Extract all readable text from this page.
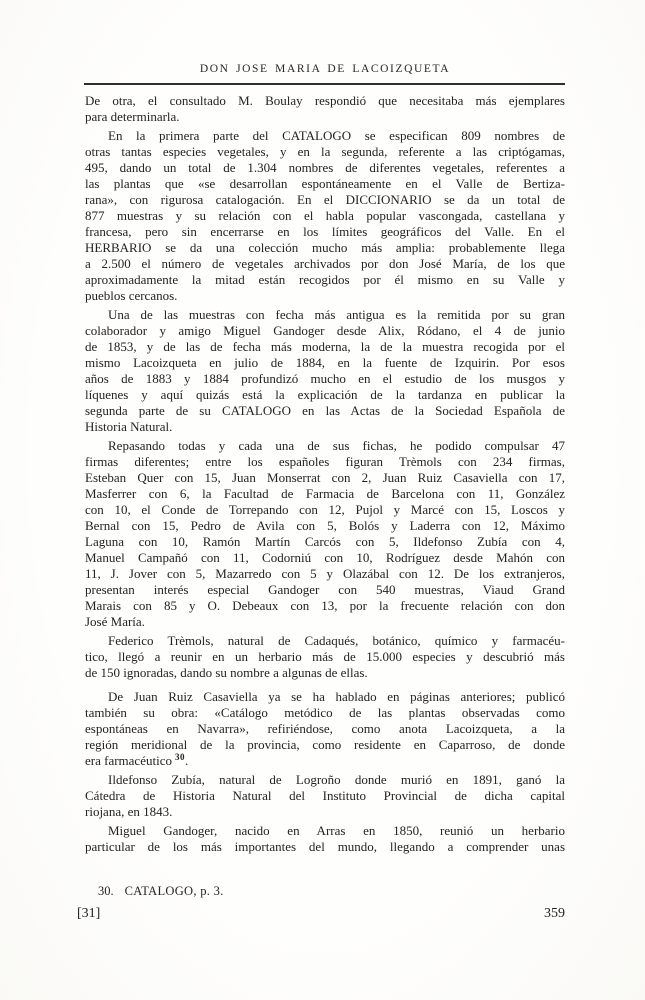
DON JOSE MARIA DE LACOIZQUETA
De otra, el consultado M. Boulay respondió que necesitaba más ejemplares
para determinarla.
En la primera parte del CATALOGO se especifican 809 nombres de
otras tantas especies vegetales, y en la segunda, referente a las criptógamas,
495, dando un total de 1.304 nombres de diferentes vegetales, referentes a
las plantas que «se desarrollan espontáneamente en el Valle de Bertiza-
rana», con rigurosa catalogación. En el DICCIONARIO se da un total de
877 muestras y su relación con el habla popular vascongada, castellana y
francesa, pero sin encerrarse en los límites geográficos del Valle. En el
HERBARIO se da una colección mucho más amplia: probablemente llega
a 2.500 el número de vegetales archivados por don José María, de los que
aproximadamente la mitad están recogidos por él mismo en su Valle y
pueblos cercanos.
Una de las muestras con fecha más antigua es la remitida por su gran
colaborador y amigo Miguel Gandoger desde Alix, Ródano, el 4 de junio
de 1853, y de las de fecha más moderna, la de la muestra recogida por el
mismo Lacoizqueta en julio de 1884, en la fuente de Izquirin. Por esos
años de 1883 y 1884 profundizó mucho en el estudio de los musgos y
líquenes y aquí quizás está la explicación de la tardanza en publicar la
segunda parte de su CATALOGO en las Actas de la Sociedad Española de
Historia Natural.
Repasando todas y cada una de sus fichas, he podido compulsar 47
firmas diferentes; entre los españoles figuran Trèmols con 234 firmas,
Esteban Quer con 15, Juan Monserrat con 2, Juan Ruiz Casaviella con 17,
Masferrer con 6, la Facultad de Farmacia de Barcelona con 11, González
con 10, el Conde de Torrepando con 12, Pujol y Marcé con 15, Loscos y
Bernal con 15, Pedro de Avila con 5, Bolós y Laderra con 12, Máximo
Laguna con 10, Ramón Martín Carcós con 5, Ildefonso Zubía con 4,
Manuel Campañó con 11, Codorniú con 10, Rodríguez desde Mahón con
11, J. Jover con 5, Mazarredo con 5 y Olazábal con 12. De los extranjeros,
presentan interés especial Gandoger con 540 muestras, Viaud Grand
Marais con 85 y O. Debeaux con 13, por la frecuente relación con don
José María.
Federico Trèmols, natural de Cadaqués, botánico, químico y farmacéu-
tico, llegó a reunir en un herbario más de 15.000 especies y descubrió más
de 150 ignoradas, dando su nombre a algunas de ellas.
De Juan Ruiz Casaviella ya se ha hablado en páginas anteriores; publicó
también su obra: «Catálogo metódico de las plantas observadas como
espontáneas en Navarra», refiriéndose, como anota Lacoizqueta, a la
región meridional de la provincia, como residente en Caparroso, de donde
era farmacéutico $^{30}$.
Ildefonso Zubía, natural de Logroño donde murió en 1891, ganó la
Cátedra de Historia Natural del Instituto Provincial de dicha capital
riojana, en 1843.
Miguel Gandoger, nacido en Arras en 1850, reunió un herbario
particular de los más importantes del mundo, llegando a comprender unas
30. CATALOGO, p. 3.
[31]	359
